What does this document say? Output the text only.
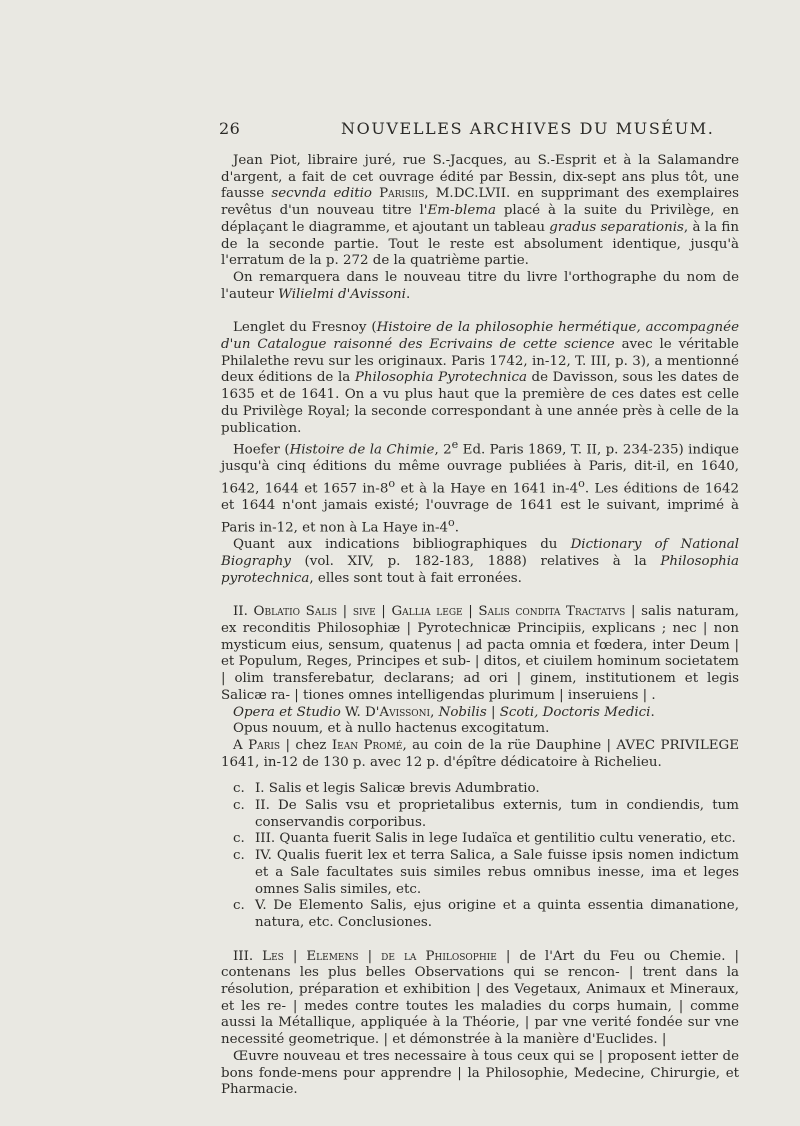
26	NOUVELLES ARCHIVES DU MUSÉUM.

Jean Piot, libraire juré, rue S.-Jacques, au S.-Esprit et à la Salamandre d'argent, a fait de cet ouvrage édité par Bessin, dix-sept ans plus tôt, une fausse secvnda editio Parisiis, M.DC.LVII. en supprimant des exemplaires revêtus d'un nouveau titre l'Em-blema placé à la suite du Privilège, en déplaçant le diagramme, et ajoutant un tableau gradus separationis, à la fin de la seconde partie. Tout le reste est absolument identique, jusqu'à l'erratum de la p. 272 de la quatrième partie.

On remarquera dans le nouveau titre du livre l'orthographe du nom de l'auteur Wilielmi d'Avissoni.

Lenglet du Fresnoy (Histoire de la philosophie hermétique, accompagnée d'un Catalogue raisonné des Ecrivains de cette science avec le véritable Philalethe revu sur les originaux. Paris 1742, in-12, T. III, p. 3), a mentionné deux éditions de la Philosophia Pyrotechnica de Davisson, sous les dates de 1635 et de 1641. On a vu plus haut que la première de ces dates est celle du Privilège Royal; la seconde correspondant à une année près à celle de la publication.

Hoefer (Histoire de la Chimie, 2e Ed. Paris 1869, T. II, p. 234-235) indique jusqu'à cinq éditions du même ouvrage publiées à Paris, dit-il, en 1640, 1642, 1644 et 1657 in-8$^o$ et à la Haye en 1641 in-4$^o$. Les éditions de 1642 et 1644 n'ont jamais existé; l'ouvrage de 1641 est le suivant, imprimé à Paris in-12, et non à La Haye in-4$^o$.

Quant aux indications bibliographiques du Dictionary of National Biography (vol. XIV, p. 182-183, 1888) relatives à la Philosophia pyrotechnica, elles sont tout à fait erronées.

II. Oblatio Salis | sive | Gallia lege | Salis condita Tractatvs | salis naturam, ex reconditis Philosophiæ | Pyrotechnicæ Principiis, explicans ; nec | non mysticum eius, sensum, quatenus | ad pacta omnia et fœdera, inter Deum | et Populum, Reges, Principes et sub- | ditos, et ciuilem hominum societatem | olim transferebatur, declarans; ad ori | ginem, institutionem et legis Salicæ ra- | tiones omnes intelligendas plurimum | inseruiens | .

Opera et Studio W. D'Avissoni, Nobilis | Scoti, Doctoris Medici.

Opus nouum, et à nullo hactenus excogitatum.

A Paris | chez Iean Promé, au coin de la rüe Dauphine | AVEC PRIVILEGE 1641, in-12 de 130 p. avec 12 p. d'épître dédicatoire à Richelieu.

c. I. Salis et legis Salicæ brevis Adumbratio.
c. II. De Salis vsu et proprietalibus externis, tum in condiendis, tum conservandis corporibus.
c. III. Quanta fuerit Salis in lege Iudaïca et gentilitio cultu veneratio, etc.
c. IV. Qualis fuerit lex et terra Salica, a Sale fuisse ipsis nomen indictum et a Sale facultates suis similes rebus omnibus inesse, ima et leges omnes Salis similes, etc.
c. V. De Elemento Salis, ejus origine et a quinta essentia dimanatione, natura, etc. Conclusiones.

III. Les | Elemens | de la Philosophie | de l'Art du Feu ou Chemie. | contenans les plus belles Observations qui se rencon- | trent dans la résolution, préparation et exhibition | des Vegetaux, Animaux et Mineraux, et les re- | medes contre toutes les maladies du corps humain, | comme aussi la Métallique, appliquée à la Théorie, | par vne verité fondée sur vne necessité geometrique. | et démonstrée à la manière d'Euclides. |

Œuvre nouveau et tres necessaire à tous ceux qui se | proposent ietter de bons fonde-mens pour apprendre | la Philosophie, Medecine, Chirurgie, et Pharmacie.
